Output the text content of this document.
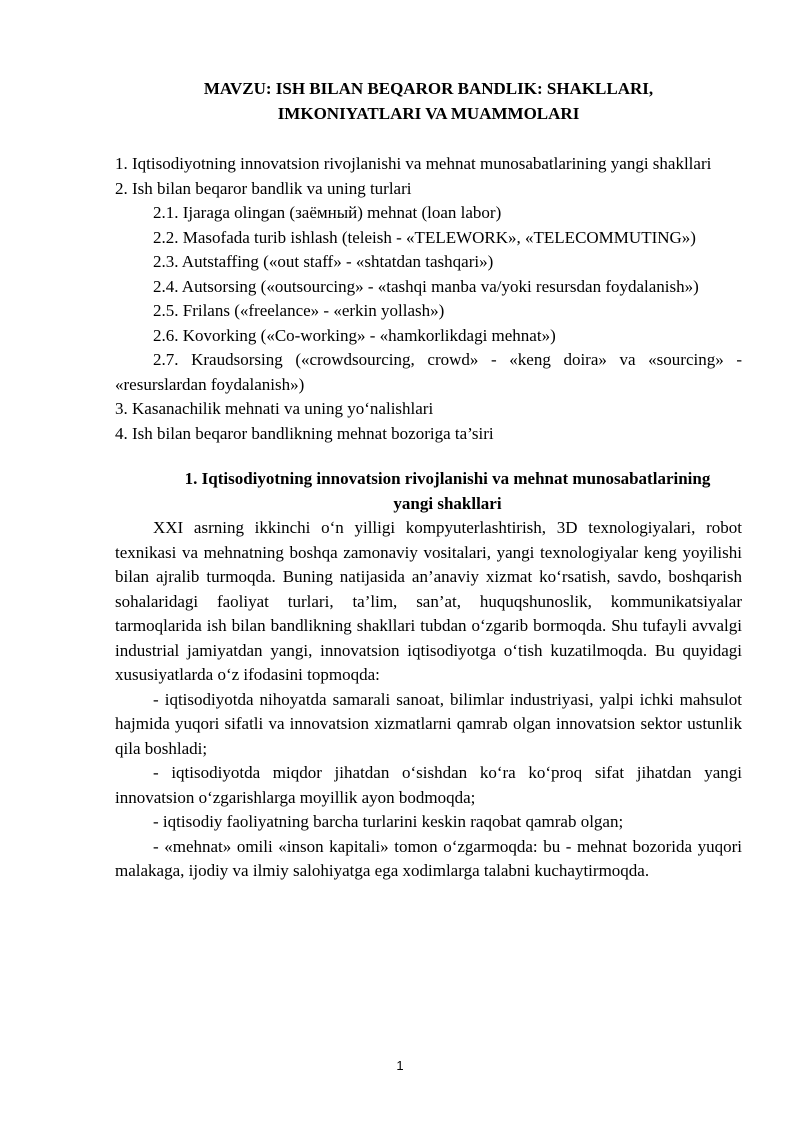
MAVZU: ISH BILAN BEQAROR BANDLIK: SHAKLLARI,
IMKONIYATLARI VA MUAMMOLARI

1. Iqtisodiyotning innovatsion rivojlanishi va mehnat munosabatlarining yangi shakllari

2. Ish bilan beqaror bandlik va uning turlari

2.1. Ijaraga olingan (заёмный) mehnat (loan labor)

2.2. Masofada turib ishlash (teleish - «TELEWORK», «TELECOMMUTING»)

2.3. Autstaffing («out staff» - «shtatdan tashqari»)

2.4. Autsorsing («outsourcing» - «tashqi manba va/yoki resursdan foydalanish»)

2.5. Frilans («freelance» - «erkin yollash»)

2.6. Kovorking («Co-working» - «hamkorlikdagi mehnat»)

2.7. Kraudsorsing («crowdsourcing, crowd» - «keng doira» va «sourcing» - «resurslardan foydalanish»)

3. Kasanachilik mehnati va uning yo‘nalishlari

4. Ish bilan beqaror bandlikning mehnat bozoriga ta’siri

1. Iqtisodiyotning innovatsion rivojlanishi va mehnat munosabatlarining
yangi shakllari

XXI asrning ikkinchi o‘n yilligi kompyuterlashtirish, 3D texnologiyalari, robot texnikasi va mehnatning boshqa zamonaviy vositalari, yangi texnologiyalar keng yoyilishi bilan ajralib turmoqda. Buning natijasida an’anaviy xizmat ko‘rsatish, savdo, boshqarish sohalaridagi faoliyat turlari, ta’lim, san’at, huquqshunoslik, kommunikatsiyalar tarmoqlarida ish bilan bandlikning shakllari tubdan o‘zgarib bormoqda. Shu tufayli avvalgi industrial jamiyatdan yangi, innovatsion iqtisodiyotga o‘tish kuzatilmoqda. Bu quyidagi xususiyatlarda o‘z ifodasini topmoqda:

- iqtisodiyotda nihoyatda samarali sanoat, bilimlar industriyasi, yalpi ichki mahsulot hajmida yuqori sifatli va innovatsion xizmatlarni qamrab olgan innovatsion sektor ustunlik qila boshladi;

- iqtisodiyotda miqdor jihatdan o‘sishdan ko‘ra ko‘proq sifat jihatdan yangi innovatsion o‘zgarishlarga moyillik ayon bodmoqda;

- iqtisodiy faoliyatning barcha turlarini keskin raqobat qamrab olgan;

- «mehnat» omili «inson kapitali» tomon o‘zgarmoqda: bu - mehnat bozorida yuqori malakaga, ijodiy va ilmiy salohiyatga ega xodimlarga talabni kuchaytirmoqda.

1
